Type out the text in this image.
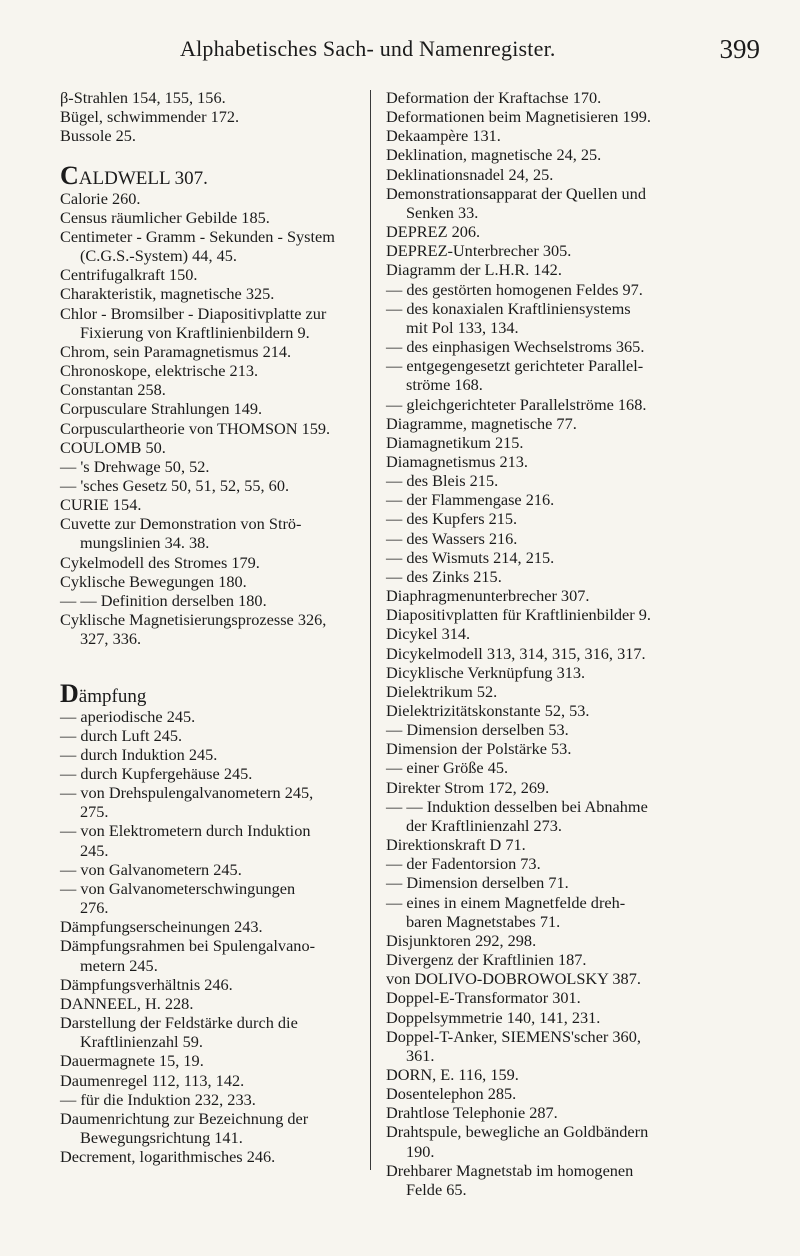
Alphabetisches Sach- und Namenregister.	399
β-Strahlen 154, 155, 156.
Bügel, schwimmender 172.
Bussole 25.
CALDWELL 307.
Calorie 260.
Census räumlicher Gebilde 185.
Centimeter - Gramm - Sekunden - System
(C.G.S.-System) 44, 45.
Centrifugalkraft 150.
Charakteristik, magnetische 325.
Chlor - Bromsilber - Diapositivplatte zur
Fixierung von Kraftlinienbildern 9.
Chrom, sein Paramagnetismus 214.
Chronoskope, elektrische 213.
Constantan 258.
Corpusculare Strahlungen 149.
Corpusculartheorie von THOMSON 159.
COULOMB 50.
— 's Drehwage 50, 52.
— 'sches Gesetz 50, 51, 52, 55, 60.
CURIE 154.
Cuvette zur Demonstration von Strö-
mungslinien 34. 38.
Cykelmodell des Stromes 179.
Cyklische Bewegungen 180.
— — Definition derselben 180.
Cyklische Magnetisierungsprozesse 326,
327, 336.
Dämpfung
— aperiodische 245.
— durch Luft 245.
— durch Induktion 245.
— durch Kupfergehäuse 245.
— von Drehspulengalvanometern 245,
275.
— von Elektrometern durch Induktion
245.
— von Galvanometern 245.
— von Galvanometerschwingungen
276.
Dämpfungserscheinungen 243.
Dämpfungsrahmen bei Spulengalvano-
metern 245.
Dämpfungsverhältnis 246.
DANNEEL, H. 228.
Darstellung der Feldstärke durch die
Kraftlinienzahl 59.
Dauermagnete 15, 19.
Daumenregel 112, 113, 142.
— für die Induktion 232, 233.
Daumenrichtung zur Bezeichnung der
Bewegungsrichtung 141.
Decrement, logarithmisches 246.
Deformation der Kraftachse 170.
Deformationen beim Magnetisieren 199.
Dekaampère 131.
Deklination, magnetische 24, 25.
Deklinationsnadel 24, 25.
Demonstrationsapparat der Quellen und
Senken 33.
DEPREZ 206.
DEPREZ-Unterbrecher 305.
Diagramm der L.H.R. 142.
— des gestörten homogenen Feldes 97.
— des konaxialen Kraftliniensystems
mit Pol 133, 134.
— des einphasigen Wechselstroms 365.
— entgegengesetzt gerichteter Parallel-
ströme 168.
— gleichgerichteter Parallelströme 168.
Diagramme, magnetische 77.
Diamagnetikum 215.
Diamagnetismus 213.
— des Bleis 215.
— der Flammengase 216.
— des Kupfers 215.
— des Wassers 216.
— des Wismuts 214, 215.
— des Zinks 215.
Diaphragmenunterbrecher 307.
Diapositivplatten für Kraftlinienbilder 9.
Dicykel 314.
Dicykelmodell 313, 314, 315, 316, 317.
Dicyklische Verknüpfung 313.
Dielektrikum 52.
Dielektrizitätskonstante 52, 53.
— Dimension derselben 53.
Dimension der Polstärke 53.
— einer Größe 45.
Direkter Strom 172, 269.
— — Induktion desselben bei Abnahme
der Kraftlinienzahl 273.
Direktionskraft D 71.
— der Fadentorsion 73.
— Dimension derselben 71.
— eines in einem Magnetfelde dreh-
baren Magnetstabes 71.
Disjunktoren 292, 298.
Divergenz der Kraftlinien 187.
von DOLIVO-DOBROWOLSKY 387.
Doppel-E-Transformator 301.
Doppelsymmetrie 140, 141, 231.
Doppel-T-Anker, SIEMENS'scher 360,
361.
DORN, E. 116, 159.
Dosentelephon 285.
Drahtlose Telephonie 287.
Drahtspule, bewegliche an Goldbändern
190.
Drehbarer Magnetstab im homogenen
Felde 65.
